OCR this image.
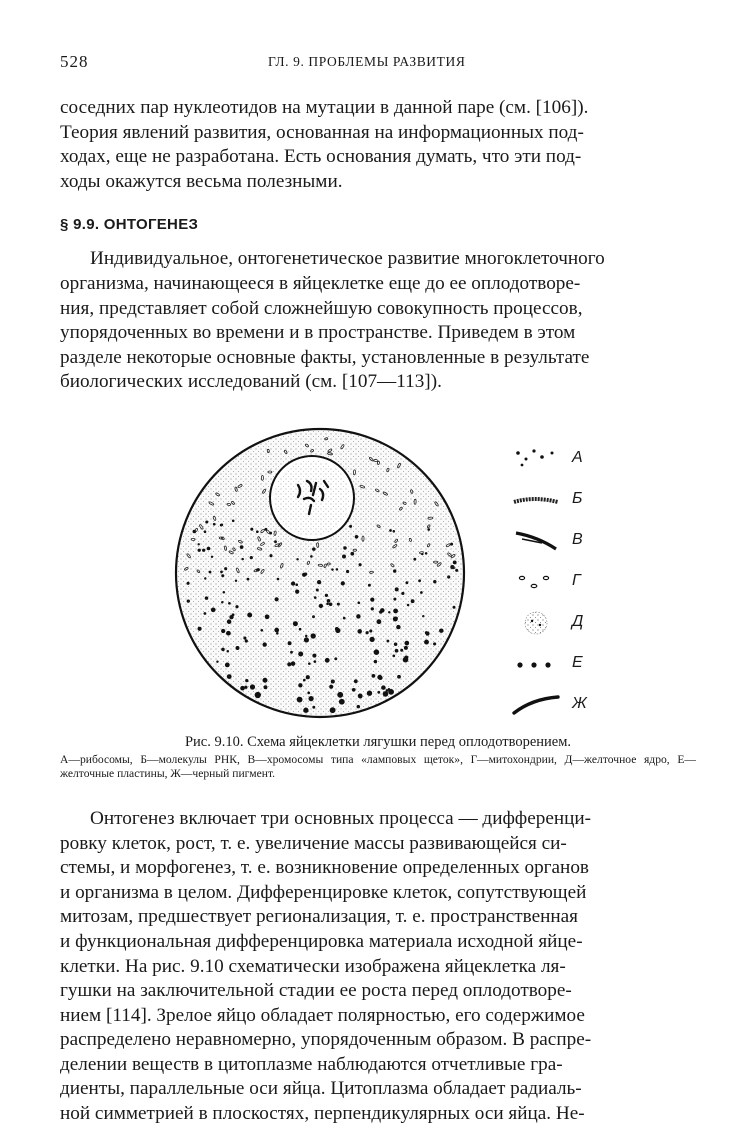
528	ГЛ. 9. ПРОБЛЕМЫ РАЗВИТИЯ

соседних пар нуклеотидов на мутации в данной паре (см. [106]).
Теория явлений развития, основанная на информационных под-
ходах, еще не разработана. Есть основания думать, что эти под-
ходы окажутся весьма полезными.

§ 9.9. ОНТОГЕНЕЗ

Индивидуальное, онтогенетическое развитие многоклеточного
организма, начинающееся в яйцеклетке еще до ее оплодотворе-
ния, представляет собой сложнейшую совокупность процессов,
упорядоченных во времени и в пространстве. Приведем в этом
разделе некоторые основные факты, установленные в результате
биологических исследований (см. [107—113]).

А
Б
В
Г
Д
Е
Ж
Рис. 9.10. Схема яйцеклетки лягушки перед оплодотворением.
А—рибосомы, Б—молекулы РНК, В—хромосомы типа «ламповых щеток», Г—митохондрии, Д—желточное ядро, Е—желточные пластины, Ж—черный пигмент.

Онтогенез включает три основных процесса — дифференци-
ровку клеток, рост, т. е. увеличение массы развивающейся си-
стемы, и морфогенез, т. е. возникновение определенных органов
и организма в целом. Дифференцировке клеток, сопутствующей
митозам, предшествует регионализация, т. е. пространственная
и функциональная дифференцировка материала исходной яйце-
клетки. На рис. 9.10 схематически изображена яйцеклетка ля-
гушки на заключительной стадии ее роста перед оплодотворе-
нием [114]. Зрелое яйцо обладает полярностью, его содержимое
распределено неравномерно, упорядоченным образом. В распре-
делении веществ в цитоплазме наблюдаются отчетливые гра-
диенты, параллельные оси яйца. Цитоплазма обладает радиаль-
ной симметрией в плоскостях, перпендикулярных оси яйца. Не-
